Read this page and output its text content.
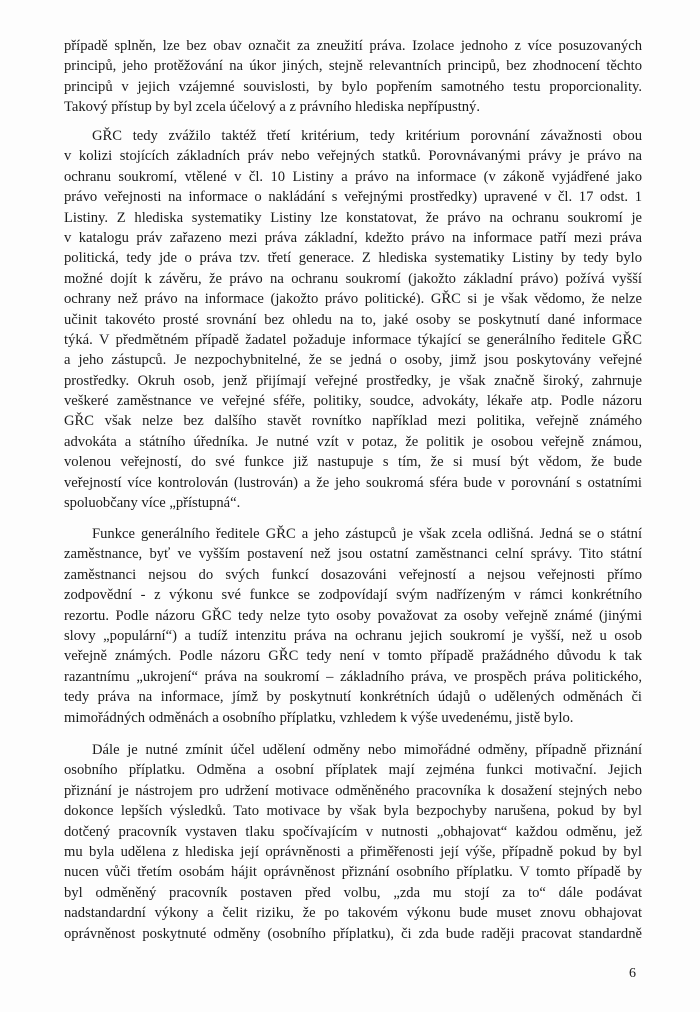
případě splněn, lze bez obav označit za zneužití práva. Izolace jednoho z více posuzovaných
principů, jeho protěžování na úkor jiných, stejně relevantních principů, bez zhodnocení těchto
principů v jejich vzájemné souvislosti, by bylo popřením samotného testu proporcionality.
Takový přístup by byl zcela účelový a z právního hlediska nepřípustný.
GŘC tedy zvážilo taktéž třetí kritérium, tedy kritérium porovnání závažnosti obou
v kolizi stojících základních práv nebo veřejných statků. Porovnávanými právy je právo na
ochranu soukromí, vtělené v čl. 10 Listiny a právo na informace (v zákoně vyjádřené jako
právo veřejnosti na informace o nakládání s veřejnými prostředky) upravené v čl. 17 odst. 1
Listiny. Z hlediska systematiky Listiny lze konstatovat, že právo na ochranu soukromí je
v katalogu práv zařazeno mezi práva základní, kdežto právo na informace patří mezi práva
politická, tedy jde o práva tzv. třetí generace. Z hlediska systematiky Listiny by tedy bylo
možné dojít k závěru, že právo na ochranu soukromí (jakožto základní právo) požívá vyšší
ochrany než právo na informace (jakožto právo politické). GŘC si je však vědomo, že nelze
učinit takovéto prosté srovnání bez ohledu na to, jaké osoby se poskytnutí dané informace
týká. V předmětném případě žadatel požaduje informace týkající se generálního ředitele GŘC
a jeho zástupců. Je nezpochybnitelné, že se jedná o osoby, jimž jsou poskytovány veřejné
prostředky. Okruh osob, jenž přijímají veřejné prostředky, je však značně široký, zahrnuje
veškeré zaměstnance ve veřejné sféře, politiky, soudce, advokáty, lékaře atp. Podle názoru
GŘC však nelze bez dalšího stavět rovnítko například mezi politika, veřejně známého
advokáta a státního úředníka. Je nutné vzít v potaz, že politik je osobou veřejně známou,
volenou veřejností, do své funkce již nastupuje s tím, že si musí být vědom, že bude
veřejností více kontrolován (lustrován) a že jeho soukromá sféra bude v porovnání s ostatními
spoluobčany více „přístupná“.
Funkce generálního ředitele GŘC a jeho zástupců je však zcela odlišná. Jedná se o státní
zaměstnance, byť ve vyšším postavení než jsou ostatní zaměstnanci celní správy. Tito státní
zaměstnanci nejsou do svých funkcí dosazováni veřejností a nejsou veřejnosti přímo
zodpovědní - z výkonu své funkce se zodpovídají svým nadřízeným v rámci konkrétního
rezortu. Podle názoru GŘC tedy nelze tyto osoby považovat za osoby veřejně známé (jinými
slovy „populární“) a tudíž intenzitu práva na ochranu jejich soukromí je vyšší, než u osob
veřejně známých. Podle názoru GŘC tedy není v tomto případě pražádného důvodu k tak
razantnímu „ukrojení“ práva na soukromí – základního práva, ve prospěch práva politického,
tedy práva na informace, jímž by poskytnutí konkrétních údajů o udělených odměnách či
mimořádných odměnách a osobního příplatku, vzhledem k výše uvedenému, jistě bylo.
Dále je nutné zmínit účel udělení odměny nebo mimořádné odměny, případně přiznání
osobního příplatku. Odměna a osobní příplatek mají zejména funkci motivační. Jejich
přiznání je nástrojem pro udržení motivace odměněného pracovníka k dosažení stejných nebo
dokonce lepších výsledků. Tato motivace by však byla bezpochyby narušena, pokud by byl
dotčený pracovník vystaven tlaku spočívajícím v nutnosti „obhajovat“ každou odměnu, jež
mu byla udělena z hlediska její oprávněnosti a přiměřenosti její výše, případně pokud by byl
nucen vůči třetím osobám hájit oprávněnost přiznání osobního příplatku. V tomto případě by
byl odměněný pracovník postaven před volbu, „zda mu stojí za to“ dále podávat
nadstandardní výkony a čelit riziku, že po takovém výkonu bude muset znovu obhajovat
oprávněnost poskytnuté odměny (osobního příplatku), či zda bude raději pracovat standardně
6
